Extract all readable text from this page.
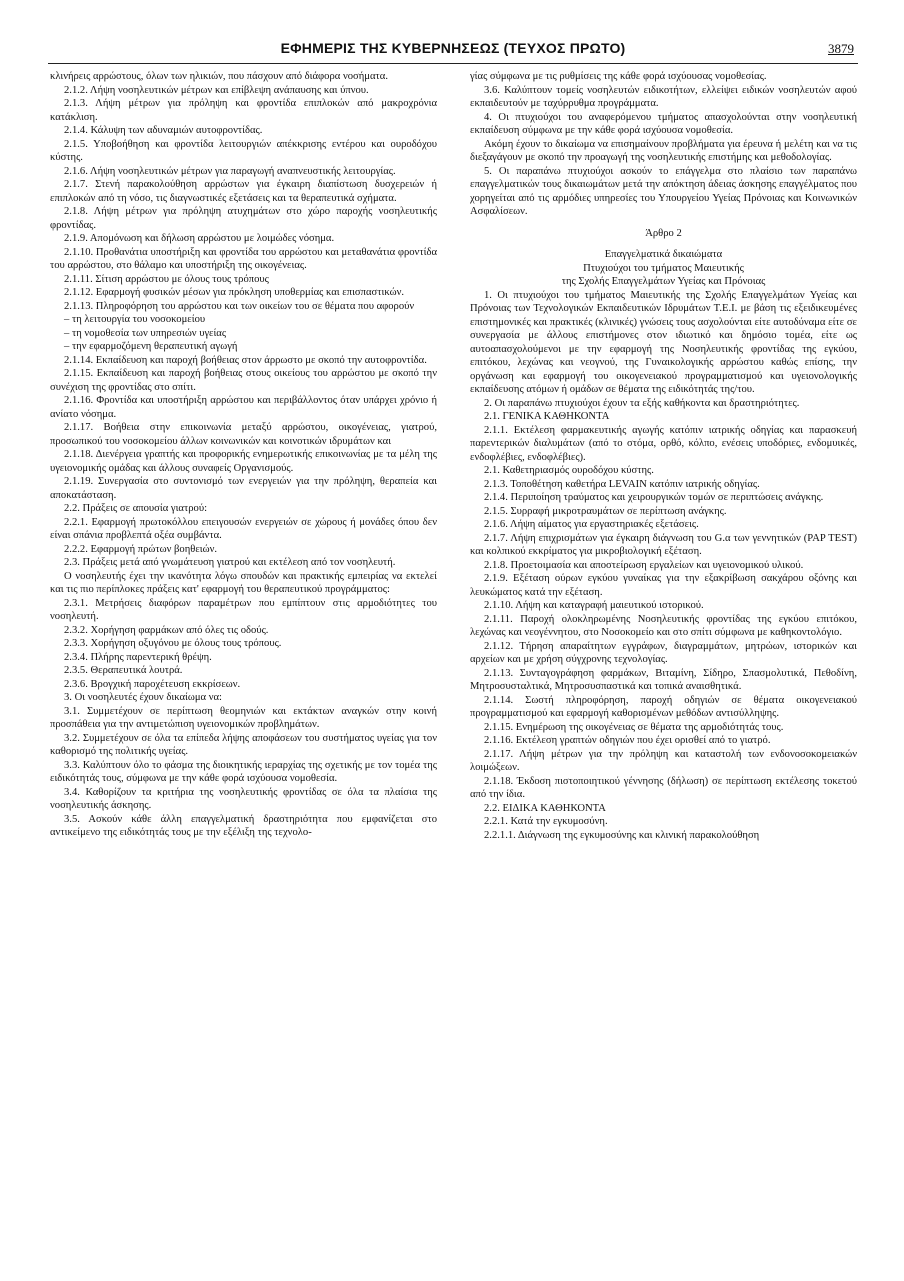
ΕΦΗΜΕΡΙΣ ΤΗΣ ΚΥΒΕΡΝΗΣΕΩΣ (ΤΕΥΧΟΣ ΠΡΩΤΟ)	3879
κλινήρεις αρρώστους, όλων των ηλικιών, που πάσχουν από διάφορα νοσήματα.
2.1.2. Λήψη νοσηλευτικών μέτρων και επίβλεψη ανάπαυσης και ύπνου.
2.1.3. Λήψη μέτρων για πρόληψη και φροντίδα επιπλοκών από μακροχρόνια κατάκλιση.
2.1.4. Κάλυψη των αδυναμιών αυτοφροντίδας.
2.1.5. Υποβοήθηση και φροντίδα λειτουργιών απέκκρισης εντέρου και ουροδόχου κύστης.
2.1.6. Λήψη νοσηλευτικών μέτρων για παραγωγή αναπνευστικής λειτουργίας.
2.1.7. Στενή παρακολούθηση αρρώστων για έγκαιρη διαπίστωση δυσχερειών ή επιπλοκών από τη νόσο, τις διαγνωστικές εξετάσεις και τα θεραπευτικά σχήματα.
2.1.8. Λήψη μέτρων για πρόληψη ατυχημάτων στο χώρο παροχής νοσηλευτικής φροντίδας.
2.1.9. Απομόνωση και δήλωση αρρώστου με λοιμώδες νόσημα.
2.1.10. Προθανάτια υποστήριξη και φροντίδα του αρρώστου και μεταθανάτια φροντίδα του αρρώστου, στο θάλαμο και υποστήριξη της οικογένειας.
2.1.11. Σίτιση αρρώστου με όλους τους τρόπους
2.1.12. Εφαρμογή φυσικών μέσων για πρόκληση υποθερμίας και επισπαστικών.
2.1.13. Πληροφόρηση του αρρώστου και των οικείων του σε θέματα που αφορούν
– τη λειτουργία του νοσοκομείου
– τη νομοθεσία των υπηρεσιών υγείας
– την εφαρμοζόμενη θεραπευτική αγωγή
2.1.14. Εκπαίδευση και παροχή βοήθειας στον άρρωστο με σκοπό την αυτοφροντίδα.
2.1.15. Εκπαίδευση και παροχή βοήθειας στους οικείους του αρρώστου με σκοπό την συνέχιση της φροντίδας στο σπίτι.
2.1.16. Φροντίδα και υποστήριξη αρρώστου και περιβάλλοντος όταν υπάρχει χρόνιο ή ανίατο νόσημα.
2.1.17. Βοήθεια στην επικοινωνία μεταξύ αρρώστου, οικογένειας, γιατρού, προσωπικού του νοσοκομείου άλλων κοινωνικών και κοινοτικών ιδρυμάτων και
2.1.18. Διενέργεια γραπτής και προφορικής ενημερωτικής επικοινωνίας με τα μέλη της υγειονομικής ομάδας και άλλους συναφείς Οργανισμούς.
2.1.19. Συνεργασία στο συντονισμό των ενεργειών για την πρόληψη, θεραπεία και αποκατάσταση.
2.2. Πράξεις σε απουσία γιατρού:
2.2.1. Εφαρμογή πρωτοκόλλου επειγουσών ενεργειών σε χώρους ή μονάδες όπου δεν είναι σπάνια προβλεπτά οξέα συμβάντα.
2.2.2. Εφαρμογή πρώτων βοηθειών.
2.3. Πράξεις μετά από γνωμάτευση γιατρού και εκτέλεση από τον νοσηλευτή.
Ο νοσηλευτής έχει την ικανότητα λόγω σπουδών και πρακτικής εμπειρίας να εκτελεί και τις πιο περίπλοκες πράξεις κατ' εφαρμογή του θεραπευτικού προγράμματος:
2.3.1. Μετρήσεις διαφόρων παραμέτρων που εμπίπτουν στις αρμοδιότητες του νοσηλευτή.
2.3.2. Χορήγηση φαρμάκων από όλες τις οδούς.
2.3.3. Χορήγηση οξυγόνου με όλους τους τρόπους.
2.3.4. Πλήρης παρεντερική θρέψη.
2.3.5. Θεραπευτικά λουτρά.
2.3.6. Βρογχική παροχέτευση εκκρίσεων.
3. Οι νοσηλευτές έχουν δικαίωμα να:
3.1. Συμμετέχουν σε περίπτωση θεομηνιών και εκτάκτων αναγκών στην κοινή προσπάθεια για την αντιμετώπιση υγειονομικών προβλημάτων.
3.2. Συμμετέχουν σε όλα τα επίπεδα λήψης αποφάσεων του συστήματος υγείας για τον καθορισμό της πολιτικής υγείας.
3.3. Καλύπτουν όλο το φάσμα της διοικητικής ιεραρχίας της σχετικής με τον τομέα της ειδικότητάς τους, σύμφωνα με την κάθε φορά ισχύουσα νομοθεσία.
3.4. Καθορίζουν τα κριτήρια της νοσηλευτικής φροντίδας σε όλα τα πλαίσια της νοσηλευτικής άσκησης.
3.5. Ασκούν κάθε άλλη επαγγελματική δραστηριότητα που εμφανίζεται στο αντικείμενο της ειδικότητάς τους με την εξέλιξη της τεχνολο-
γίας σύμφωνα με τις ρυθμίσεις της κάθε φορά ισχύουσας νομοθεσίας.
3.6. Καλύπτουν τομείς νοσηλευτών ειδικοτήτων, ελλείψει ειδικών νοσηλευτών αφού εκπαιδευτούν με ταχύρρυθμα προγράμματα.
4. Οι πτυχιούχοι του αναφερόμενου τμήματος απασχολούνται στην νοσηλευτική εκπαίδευση σύμφωνα με την κάθε φορά ισχύουσα νομοθεσία.
Ακόμη έχουν το δικαίωμα να επισημαίνουν προβλήματα για έρευνα ή μελέτη και να τις διεξαγάγουν με σκοπό την προαγωγή της νοσηλευτικής επιστήμης και μεθοδολογίας.
5. Οι παραπάνω πτυχιούχοι ασκούν το επάγγελμα στο πλαίσιο των παραπάνω επαγγελματικών τους δικαιωμάτων μετά την απόκτηση άδειας άσκησης επαγγέλματος που χορηγείται από τις αρμόδιες υπηρεσίες του Υπουργείου Υγείας Πρόνοιας και Κοινωνικών Ασφαλίσεων.
Άρθρο 2
Επαγγελματικά δικαιώματα
Πτυχιούχοι του τμήματος Μαιευτικής
της Σχολής Επαγγελμάτων Υγείας και Πρόνοιας
1. Οι πτυχιούχοι του τμήματος Μαιευτικής της Σχολής Επαγγελμάτων Υγείας και Πρόνοιας των Τεχνολογικών Εκπαιδευτικών Ιδρυμάτων Τ.Ε.Ι. με βάση τις εξειδικευμένες επιστημονικές και πρακτικές (κλινικές) γνώσεις τους ασχολούνται είτε αυτοδύναμα είτε σε συνεργασία με άλλους επιστήμονες στον ιδιωτικό και δημόσιο τομέα, είτε ως αυτοαπασχολούμενοι με την εφαρμογή της Νοσηλευτικής φροντίδας της εγκύου, επιτόκου, λεχώνας και νεογνού, της Γυναικολογικής αρρώστου καθώς επίσης, την οργάνωση και εφαρμογή του οικογενειακού προγραμματισμού και υγειονολογικής εκπαίδευσης ατόμων ή ομάδων σε θέματα της ειδικότητάς της/του.
2. Οι παραπάνω πτυχιούχοι έχουν τα εξής καθήκοντα και δραστηριότητες.
2.1. ΓΕΝΙΚΑ ΚΑΘΗΚΟΝΤΑ
2.1.1. Εκτέλεση φαρμακευτικής αγωγής κατόπιν ιατρικής οδηγίας και παρασκευή παρεντερικών διαλυμάτων (από το στόμα, ορθό, κόλπο, ενέσεις υποδόριες, ενδομυικές, ενδοφλέβιες, ενδοφλέβιες).
2.1. Καθετηριασμός ουροδόχου κύστης.
2.1.3. Τοποθέτηση καθετήρα LEVAIN κατόπιν ιατρικής οδηγίας.
2.1.4. Περιποίηση τραύματος και χειρουργικών τομών σε περιπτώσεις ανάγκης.
2.1.5. Συρραφή μικροτραυμάτων σε περίπτωση ανάγκης.
2.1.6. Λήψη αίματος για εργαστηριακές εξετάσεις.
2.1.7. Λήψη επιχρισμάτων για έγκαιρη διάγνωση του G.α των γεννητικών (PAP TEST) και κολπικού εκκρίματος για μικροβιολογική εξέταση.
2.1.8. Προετοιμασία και αποστείρωση εργαλείων και υγειονομικού υλικού.
2.1.9. Εξέταση ούρων εγκύου γυναίκας για την εξακρίβωση σακχάρου οξόνης και λευκώματος κατά την εξέταση.
2.1.10. Λήψη και καταγραφή μαιευτικού ιστορικού.
2.1.11. Παροχή ολοκληρωμένης Νοσηλευτικής φροντίδας της εγκύου επιτόκου, λεχώνας και νεογέννητου, στο Νοσοκομείο και στο σπίτι σύμφωνα με καθηκοντολόγιο.
2.1.12. Τήρηση απαραίτητων εγγράφων, διαγραμμάτων, μητρώων, ιστορικών και αρχείων και με χρήση σύγχρονης τεχνολογίας.
2.1.13. Συνταγογράφηση φαρμάκων, Βιταμίνη, Σίδηρο, Σπασμολυτικά, Πεθοδίνη, Μητροσυσταλτικά, Μητροσυσπαστικά και τοπικά αναισθητικά.
2.1.14. Σωστή πληροφόρηση, παροχή οδηγιών σε θέματα οικογενειακού προγραμματισμού και εφαρμογή καθορισμένων μεθόδων αντισύλληψης.
2.1.15. Ενημέρωση της οικογένειας σε θέματα της αρμοδιότητάς τους.
2.1.16. Εκτέλεση γραπτών οδηγιών που έχει ορισθεί από το γιατρό.
2.1.17. Λήψη μέτρων για την πρόληψη και καταστολή των ενδονοσοκομειακών λοιμώξεων.
2.1.18. Έκδοση πιστοποιητικού γέννησης (δήλωση) σε περίπτωση εκτέλεσης τοκετού από την ίδια.
2.2. ΕΙΔΙΚΑ ΚΑΘΗΚΟΝΤΑ
2.2.1. Κατά την εγκυμοσύνη.
2.2.1.1. Διάγνωση της εγκυμοσύνης και κλινική παρακολούθηση
